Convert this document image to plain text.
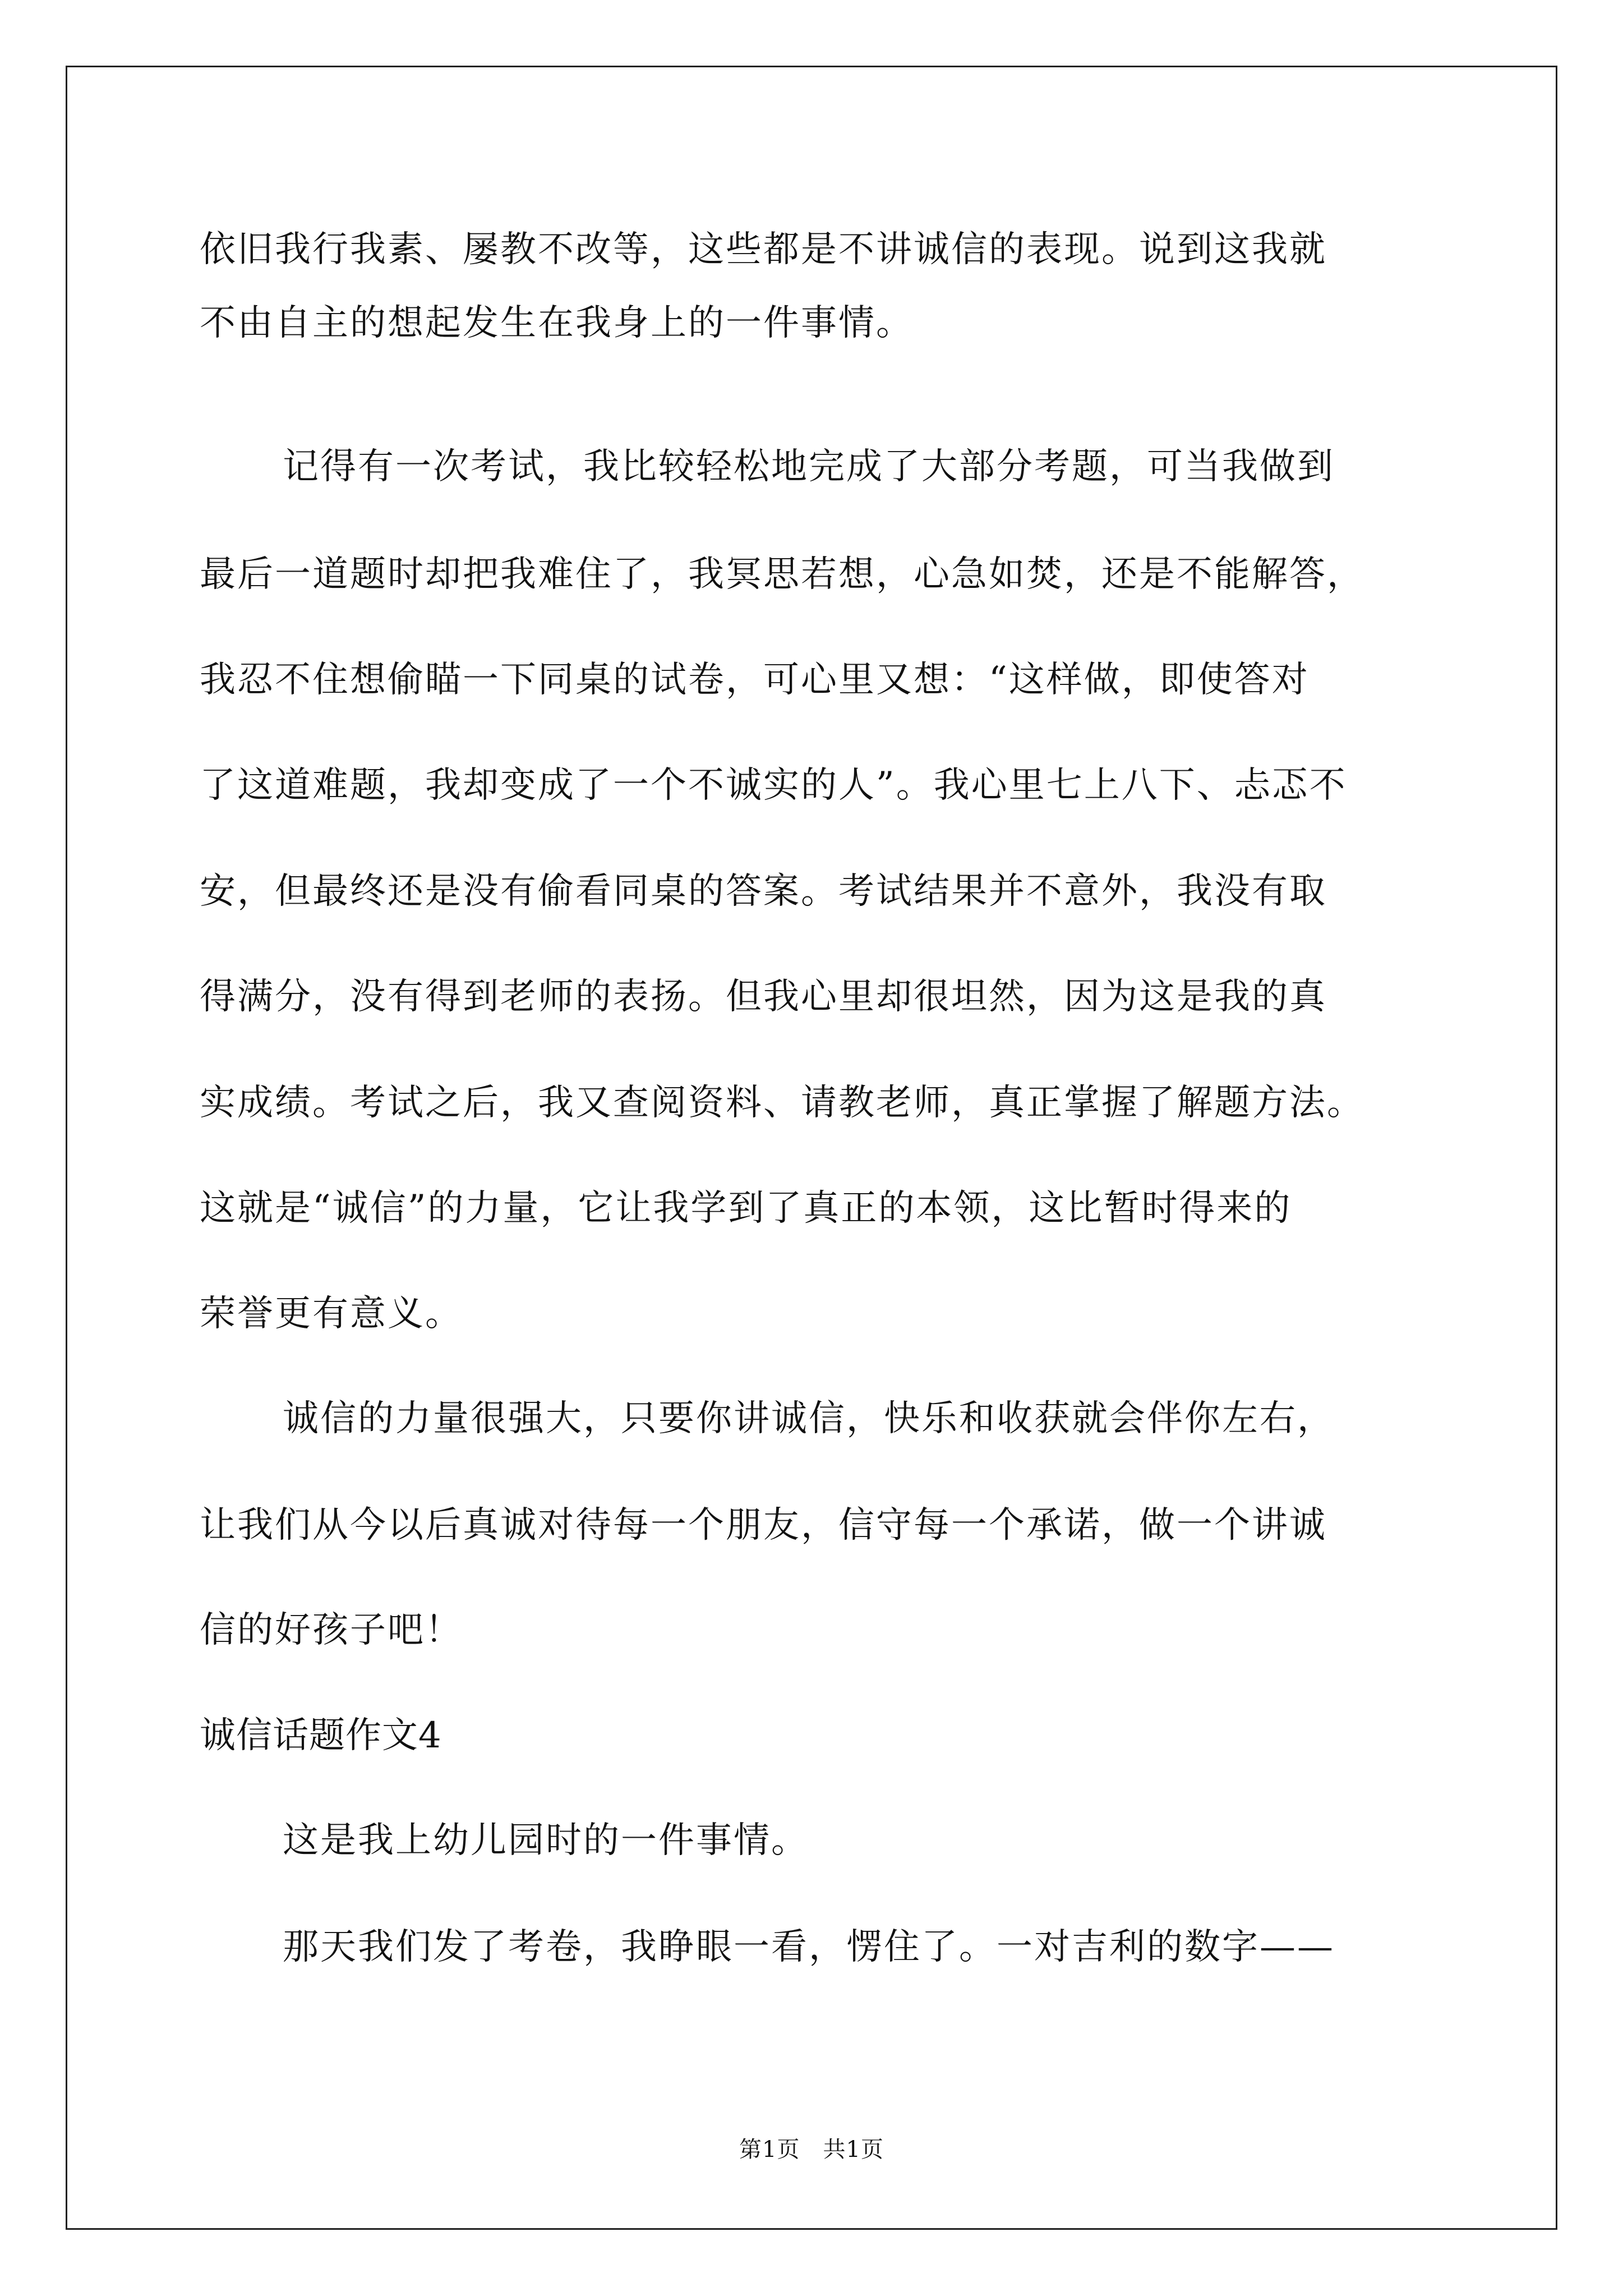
依旧我行我素、屡教不改等，这些都是不讲诚信的表现。说到这我就
不由自主的想起发生在我身上的一件事情。
记得有一次考试，我比较轻松地完成了大部分考题，可当我做到
最后一道题时却把我难住了，我冥思若想，心急如焚，还是不能解答，
我忍不住想偷瞄一下同桌的试卷，可心里又想：“这样做，即使答对
了这道难题，我却变成了一个不诚实的人”。我心里七上八下、忐忑不
安，但最终还是没有偷看同桌的答案。考试结果并不意外，我没有取
得满分，没有得到老师的表扬。但我心里却很坦然，因为这是我的真
实成绩。考试之后，我又查阅资料、请教老师，真正掌握了解题方法。
这就是“诚信”的力量，它让我学到了真正的本领，这比暂时得来的
荣誉更有意义。
诚信的力量很强大，只要你讲诚信，快乐和收获就会伴你左右，
让我们从今以后真诚对待每一个朋友，信守每一个承诺，做一个讲诚
信的好孩子吧！
诚信话题作文4
这是我上幼儿园时的一件事情。
那天我们发了考卷，我睁眼一看，愣住了。一对吉利的数字——
第1页　共1页
